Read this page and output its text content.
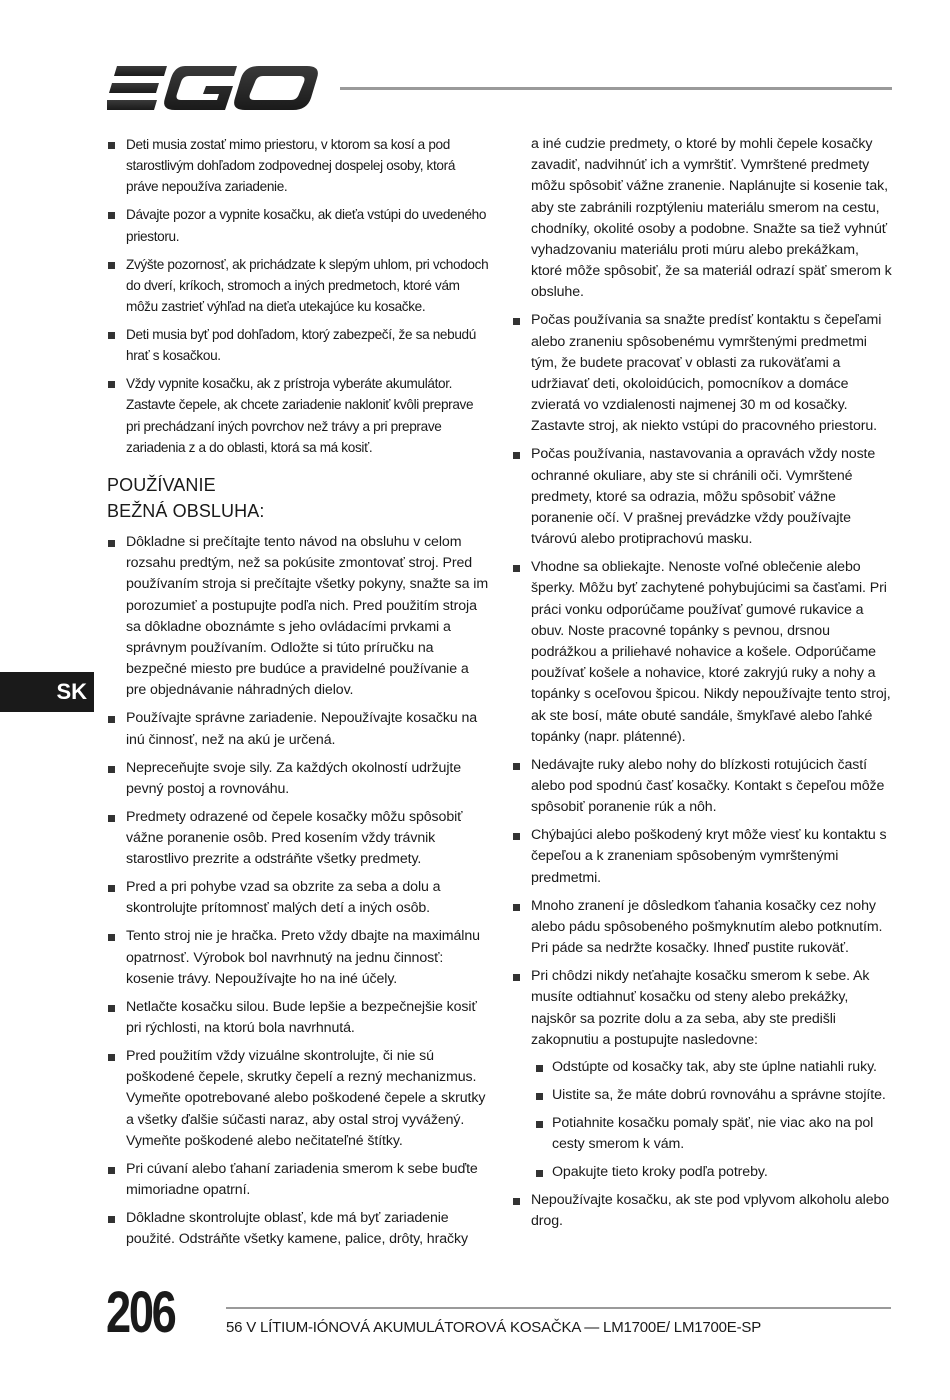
SK
Deti musia zostať mimo priestoru, v ktorom sa kosí a pod starostlivým dohľadom zodpovednej dospelej osoby, ktorá práve nepoužíva zariadenie.
Dávajte pozor a vypnite kosačku, ak dieťa vstúpi do uvedeného priestoru.
Zvýšte pozornosť, ak prichádzate k slepým uhlom, pri vchodoch do dverí, kríkoch, stromoch a iných predmetoch, ktoré vám môžu zastrieť výhľad na dieťa utekajúce ku kosačke.
Deti musia byť pod dohľadom, ktorý zabezpečí, že sa nebudú hrať s kosačkou.
Vždy vypnite kosačku, ak z prístroja vyberáte akumulátor. Zastavte čepele, ak chcete zariadenie nakloniť kvôli preprave pri prechádzaní iných povrchov než trávy a pri preprave zariadenia z a do oblasti, ktorá sa má kosiť.
POUŽÍVANIE
BEŽNÁ OBSLUHA:
Dôkladne si prečítajte tento návod na obsluhu v celom rozsahu predtým, než sa pokúsite zmontovať stroj. Pred používaním stroja si prečítajte všetky pokyny, snažte sa im porozumieť a postupujte podľa nich. Pred použitím stroja sa dôkladne oboznámte s jeho ovládacími prvkami a správnym používaním. Odložte si túto príručku na bezpečné miesto pre budúce a pravidelné používanie a pre objednávanie náhradných dielov.
Používajte správne zariadenie. Nepoužívajte kosačku na inú činnosť, než na akú je určená.
Nepreceňujte svoje sily. Za každých okolností udržujte pevný postoj a rovnováhu.
Predmety odrazené od čepele kosačky môžu spôsobiť vážne poranenie osôb. Pred kosením vždy trávnik starostlivo prezrite a odstráňte všetky predmety.
Pred a pri pohybe vzad sa obzrite za seba a dolu a skontrolujte prítomnosť malých detí a iných osôb.
Tento stroj nie je hračka. Preto vždy dbajte na maximálnu opatrnosť. Výrobok bol navrhnutý na jednu činnosť: kosenie trávy. Nepoužívajte ho na iné účely.
Netlačte kosačku silou. Bude lepšie a bezpečnejšie kosiť pri rýchlosti, na ktorú bola navrhnutá.
Pred použitím vždy vizuálne skontrolujte, či nie sú poškodené čepele, skrutky čepelí a rezný mechanizmus. Vymeňte opotrebované alebo poškodené čepele a skrutky a všetky ďalšie súčasti naraz, aby ostal stroj vyvážený. Vymeňte poškodené alebo nečitateľné štítky.
Pri cúvaní alebo ťahaní zariadenia smerom k sebe buďte mimoriadne opatrní.
Dôkladne skontrolujte oblasť, kde má byť zariadenie použité. Odstráňte všetky kamene, palice, drôty, hračky
a iné cudzie predmety, o ktoré by mohli čepele kosačky zavadiť, nadvihnúť ich a vymrštiť. Vymrštené predmety môžu spôsobiť vážne zranenie. Naplánujte si kosenie tak, aby ste zabránili rozptýleniu materiálu smerom na cestu, chodníky, okolité osoby a podobne. Snažte sa tiež vyhnúť vyhadzovaniu materiálu proti múru alebo prekážkam, ktoré môže spôsobiť, že sa materiál odrazí späť smerom k obsluhe.
Počas používania sa snažte predísť kontaktu s čepeľami alebo zraneniu spôsobenému vymrštenými predmetmi tým, že budete pracovať v oblasti za rukoväťami a udržiavať deti, okoloidúcich, pomocníkov a domáce zvieratá vo vzdialenosti najmenej 30 m od kosačky. Zastavte stroj, ak niekto vstúpi do pracovného priestoru.
Počas používania, nastavovania a opravách vždy noste ochranné okuliare, aby ste si chránili oči. Vymrštené predmety, ktoré sa odrazia, môžu spôsobiť vážne poranenie očí. V prašnej prevádzke vždy používajte tvárovú alebo protiprachovú masku.
Vhodne sa obliekajte. Nenoste voľné oblečenie alebo šperky. Môžu byť zachytené pohybujúcimi sa časťami. Pri práci vonku odporúčame používať gumové rukavice a obuv. Noste pracovné topánky s pevnou, drsnou podrážkou a priliehavé nohavice a košele. Odporúčame používať košele a nohavice, ktoré zakryjú ruky a nohy a topánky s oceľovou špicou. Nikdy nepoužívajte tento stroj, ak ste bosí, máte obuté sandále, šmykľavé alebo ľahké topánky (napr. plátenné).
Nedávajte ruky alebo nohy do blízkosti rotujúcich častí alebo pod spodnú časť kosačky. Kontakt s čepeľou môže spôsobiť poranenie rúk a nôh.
Chýbajúci alebo poškodený kryt môže viesť ku kontaktu s čepeľou a k zraneniam spôsobeným vymrštenými predmetmi.
Mnoho zranení je dôsledkom ťahania kosačky cez nohy alebo pádu spôsobeného pošmyknutím alebo potknutím. Pri páde sa nedržte kosačky. Ihneď pustite rukoväť.
Pri chôdzi nikdy neťahajte kosačku smerom k sebe. Ak musíte odtiahnuť kosačku od steny alebo prekážky, najskôr sa pozrite dolu a za seba, aby ste predišli zakopnutiu a postupujte nasledovne:
Odstúpte od kosačky tak, aby ste úplne natiahli ruky.
Uistite sa, že máte dobrú rovnováhu a správne stojíte.
Potiahnite kosačku pomaly späť, nie viac ako na pol cesty smerom k vám.
Opakujte tieto kroky podľa potreby.
Nepoužívajte kosačku, ak ste pod vplyvom alkoholu alebo drog.
206	56 V LÍTIUM-IÓNOVÁ AKUMULÁTOROVÁ KOSAČKA — LM1700E/ LM1700E-SP
